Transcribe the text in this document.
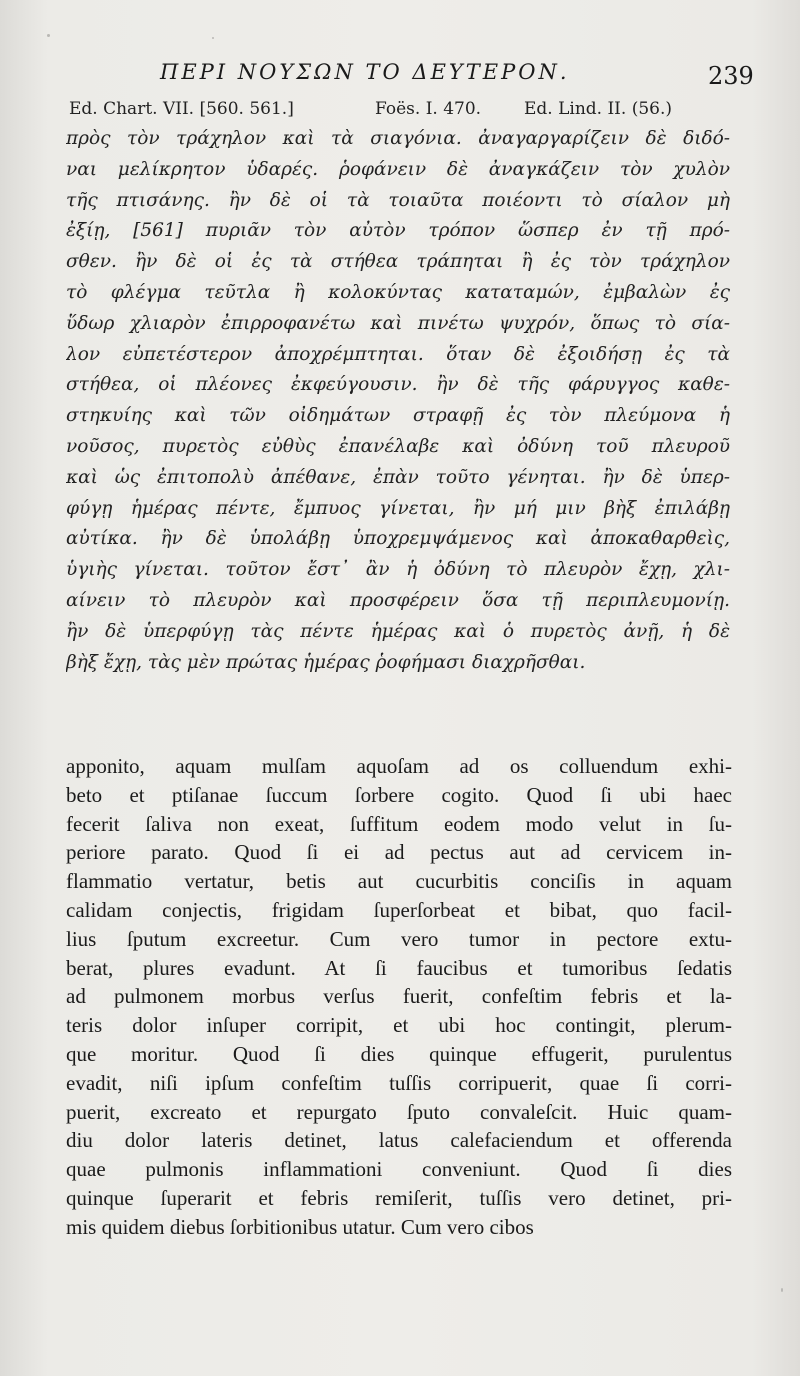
ΠΕΡΙ ΝΟΥΣΩΝ ΤΟ ΔΕΥΤΕΡΟΝ.	239
Ed. Chart. VII. [560. 561.]	Foës. I. 470.	Ed. Lind. II. (56.)
πρὸς τὸν τράχηλον καὶ τὰ σιαγόνια. ἀναγαργαρίζειν δὲ διδό-
ναι μελίκρητον ὑδαρές. ῥοφάνειν δὲ ἀναγκάζειν τὸν χυλὸν
τῆς πτισάνης. ἢν δὲ οἱ τὰ τοιαῦτα ποιέοντι τὸ σίαλον μὴ
ἐξίῃ, [561] πυριᾶν τὸν αὐτὸν τρόπον ὥσπερ ἐν τῇ πρό-
σθεν. ἢν δὲ οἱ ἐς τὰ στήθεα τράπηται ἢ ἐς τὸν τράχηλον
τὸ φλέγμα τεῦτλα ἢ κολοκύντας καταταμών, ἐμβαλὼν ἐς
ὕδωρ χλιαρὸν ἐπιρροφανέτω καὶ πινέτω ψυχρόν, ὅπως τὸ σία-
λον εὐπετέστερον ἀποχρέμπτηται. ὅταν δὲ ἐξοιδήσῃ ἐς τὰ
στήθεα, οἱ πλέονες ἐκφεύγουσιν. ἢν δὲ τῆς φάρυγγος καθε-
στηκυίης καὶ τῶν οἰδημάτων στραφῇ ἐς τὸν πλεύμονα ἡ
νοῦσος, πυρετὸς εὐθὺς ἐπανέλαβε καὶ ὀδύνη τοῦ πλευροῦ
καὶ ὡς ἐπιτοπολὺ ἀπέθανε, ἐπὰν τοῦτο γένηται. ἢν δὲ ὑπερ-
φύγῃ ἡμέρας πέντε, ἔμπυος γίνεται, ἢν μή μιν βὴξ ἐπιλάβῃ
αὐτίκα. ἢν δὲ ὑπολάβῃ ὑποχρεμψάμενος καὶ ἀποκαθαρθεὶς,
ὑγιὴς γίνεται. τοῦτον ἔστ᾽ ἂν ἡ ὀδύνη τὸ πλευρὸν ἔχῃ, χλι-
αίνειν τὸ πλευρὸν καὶ προσφέρειν ὅσα τῇ περιπλευμονίῃ.
ἢν δὲ ὑπερφύγῃ τὰς πέντε ἡμέρας καὶ ὁ πυρετὸς ἀνῇ, ἡ δὲ
βὴξ ἔχῃ, τὰς μὲν πρώτας ἡμέρας ῥοφήμασι διαχρῆσθαι.
apponito, aquam mulſam aquoſam ad os colluendum exhi-
beto et ptiſanae ſuccum ſorbere cogito. Quod ſi ubi haec
fecerit ſaliva non exeat, ſuffitum eodem modo velut in ſu-
periore parato. Quod ſi ei ad pectus aut ad cervicem in-
flammatio vertatur, betis aut cucurbitis conciſis in aquam
calidam conjectis, frigidam ſuperſorbeat et bibat, quo facil-
lius ſputum excreetur. Cum vero tumor in pectore extu-
berat, plures evadunt. At ſi faucibus et tumoribus ſedatis
ad pulmonem morbus verſus fuerit, confeſtim febris et la-
teris dolor inſuper corripit, et ubi hoc contingit, plerum-
que moritur. Quod ſi dies quinque effugerit, purulentus
evadit, niſi ipſum confeſtim tuſſis corripuerit, quae ſi corri-
puerit, excreato et repurgato ſputo convaleſcit. Huic quam-
diu dolor lateris detinet, latus calefaciendum et offerenda
quae pulmonis inflammationi conveniunt. Quod ſi dies
quinque ſuperarit et febris remiſerit, tuſſis vero detinet, pri-
mis quidem diebus ſorbitionibus utatur. Cum vero cibos
